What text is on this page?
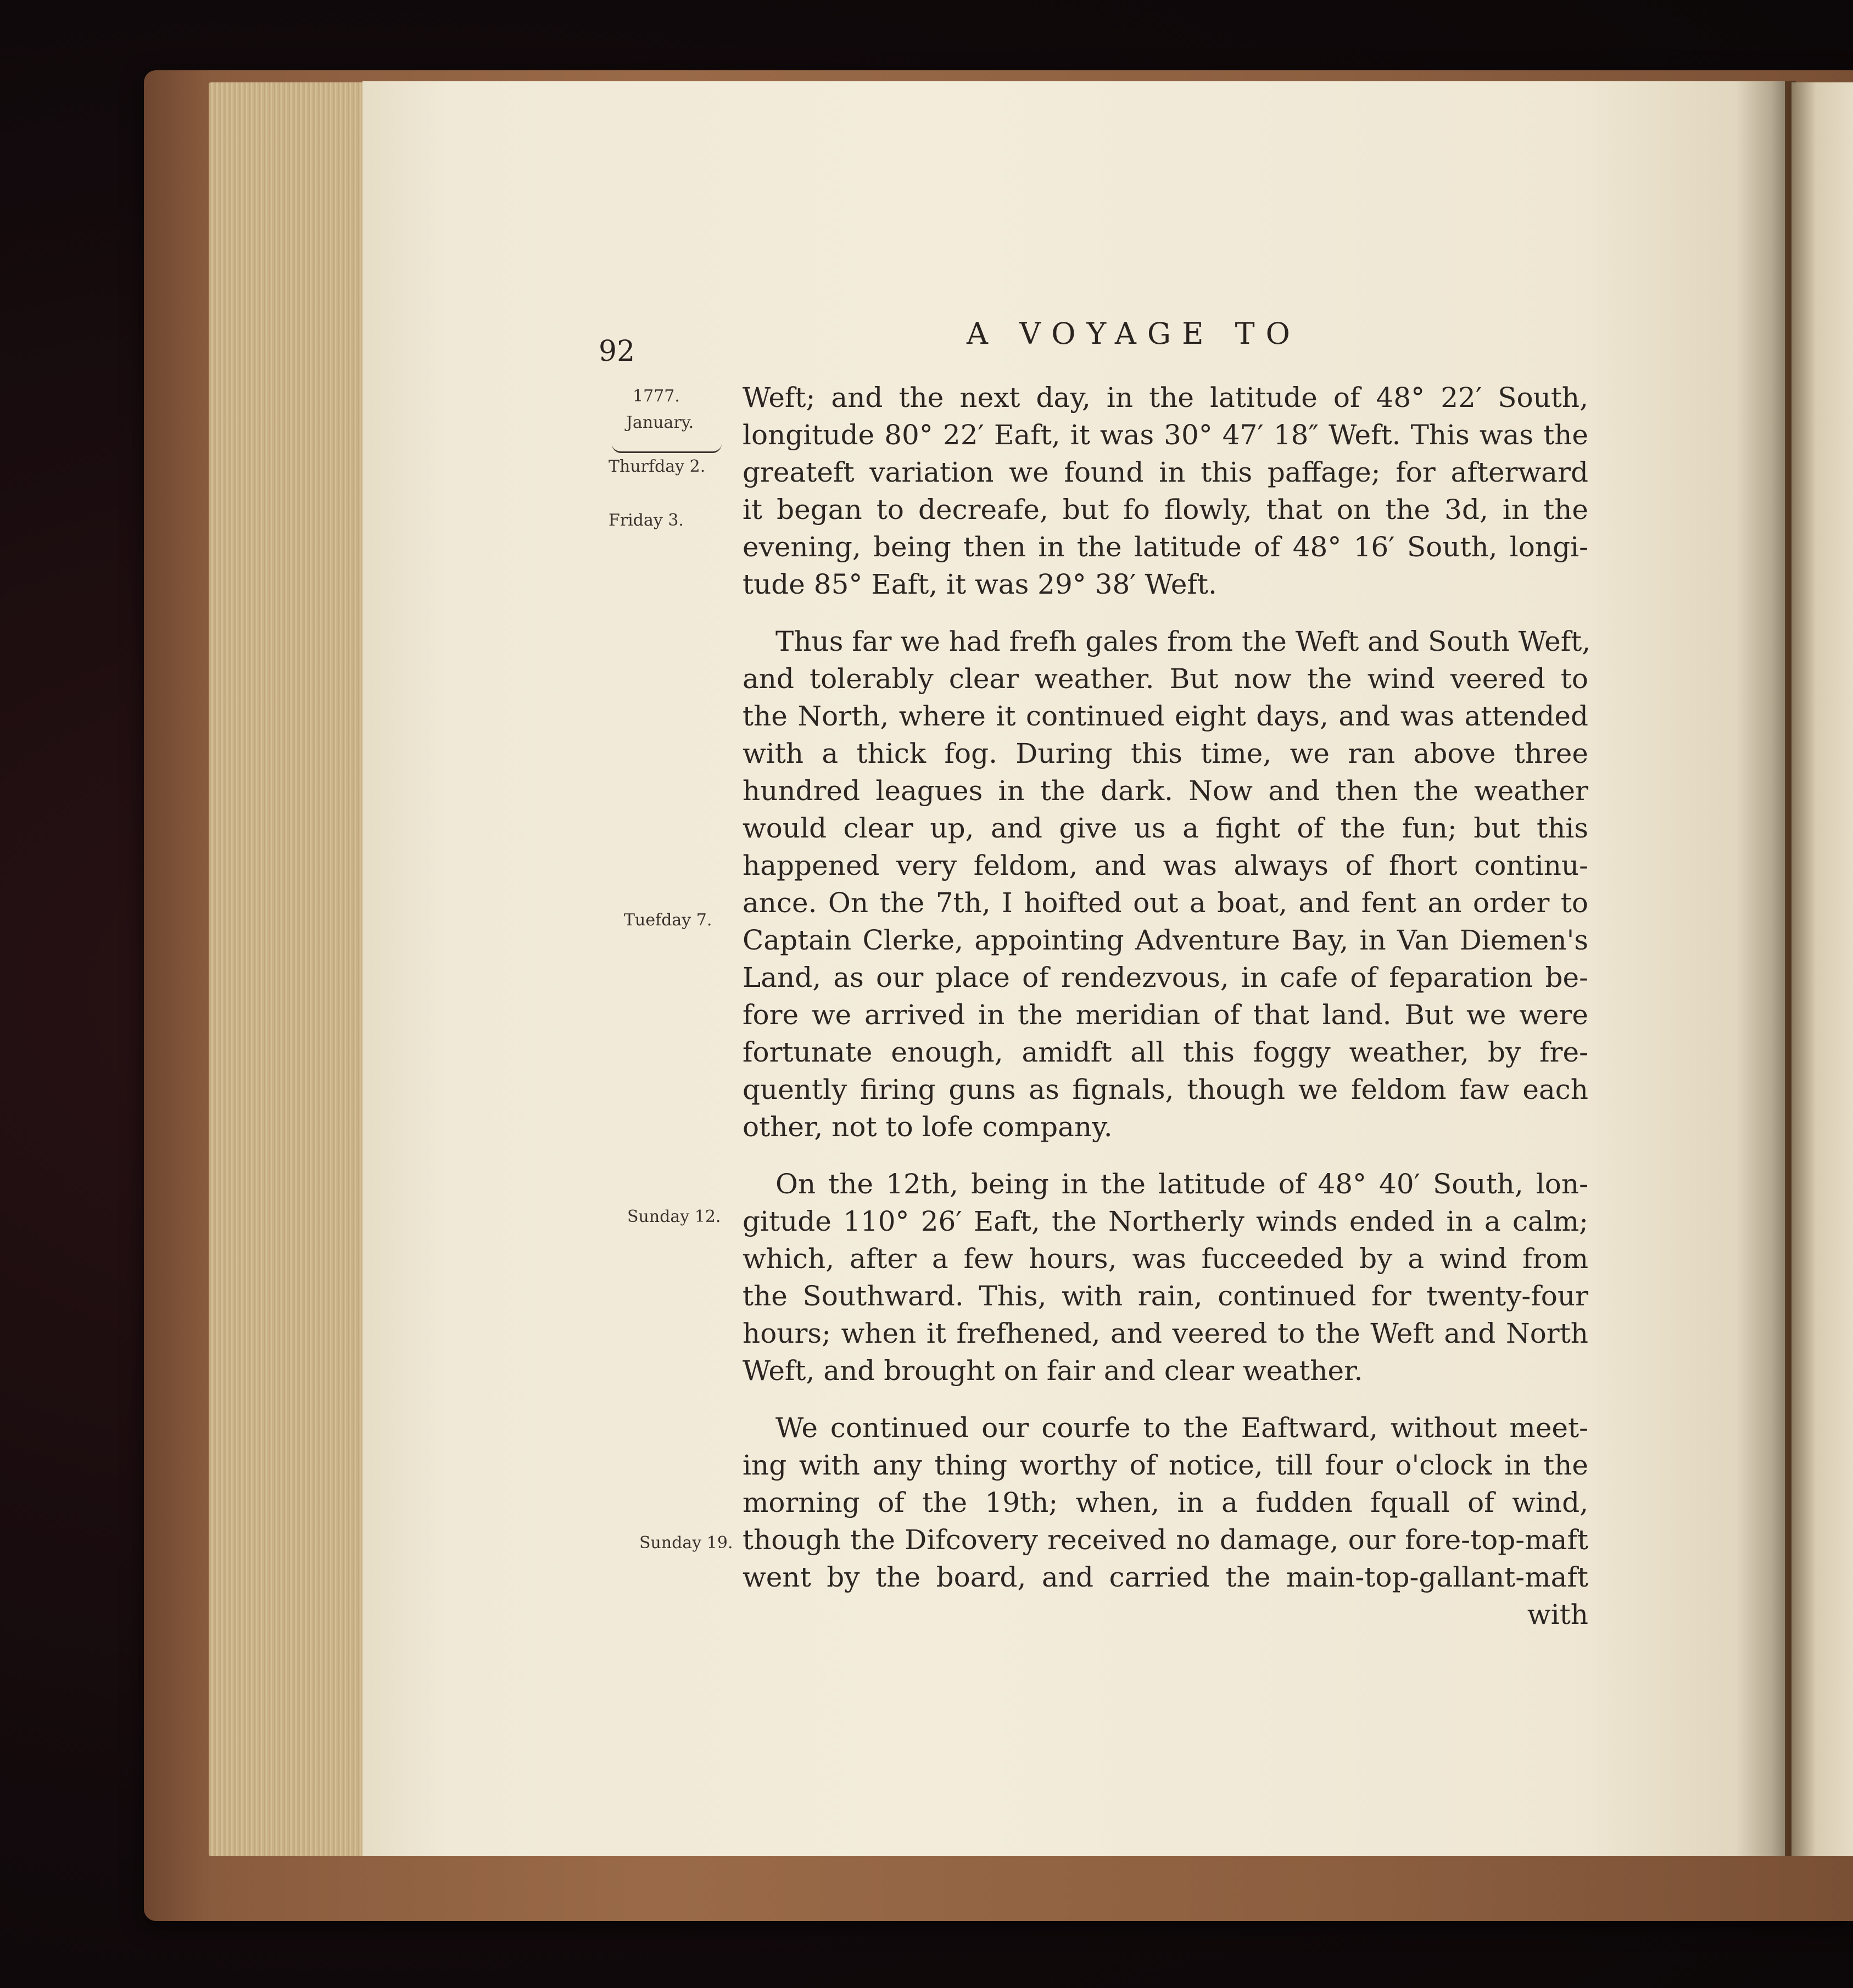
92
A VOYAGE TO
1777.
January.
Thurfday 2.
Friday 3.
Tuefday 7.
Sunday 12.
Sunday 19.

Weft; and the next day, in the latitude of 48° 22′ South,
longitude 80° 22′ Eaft, it was 30° 47′ 18″ Weft. This was the
greateft variation we found in this paffage; for afterward
it began to decreafe, but fo flowly, that on the 3d, in the
evening, being then in the latitude of 48° 16′ South, longi-
tude 85° Eaft, it was 29° 38′ Weft.

Thus far we had frefh gales from the Weft and South Weft,
and tolerably clear weather. But now the wind veered to
the North, where it continued eight days, and was attended
with a thick fog. During this time, we ran above three
hundred leagues in the dark. Now and then the weather
would clear up, and give us a fight of the fun; but this
happened very feldom, and was always of fhort continu-
ance. On the 7th, I hoifted out a boat, and fent an order to
Captain Clerke, appointing Adventure Bay, in Van Diemen's
Land, as our place of rendezvous, in cafe of feparation be-
fore we arrived in the meridian of that land. But we were
fortunate enough, amidft all this foggy weather, by fre-
quently firing guns as fignals, though we feldom faw each
other, not to lofe company.

On the 12th, being in the latitude of 48° 40′ South, lon-
gitude 110° 26′ Eaft, the Northerly winds ended in a calm;
which, after a few hours, was fucceeded by a wind from
the Southward. This, with rain, continued for twenty-four
hours; when it frefhened, and veered to the Weft and North
Weft, and brought on fair and clear weather.

We continued our courfe to the Eaftward, without meet-
ing with any thing worthy of notice, till four o'clock in the
morning of the 19th; when, in a fudden fquall of wind,
though the Difcovery received no damage, our fore-top-maft
went by the board, and carried the main-top-gallant-maft
with
